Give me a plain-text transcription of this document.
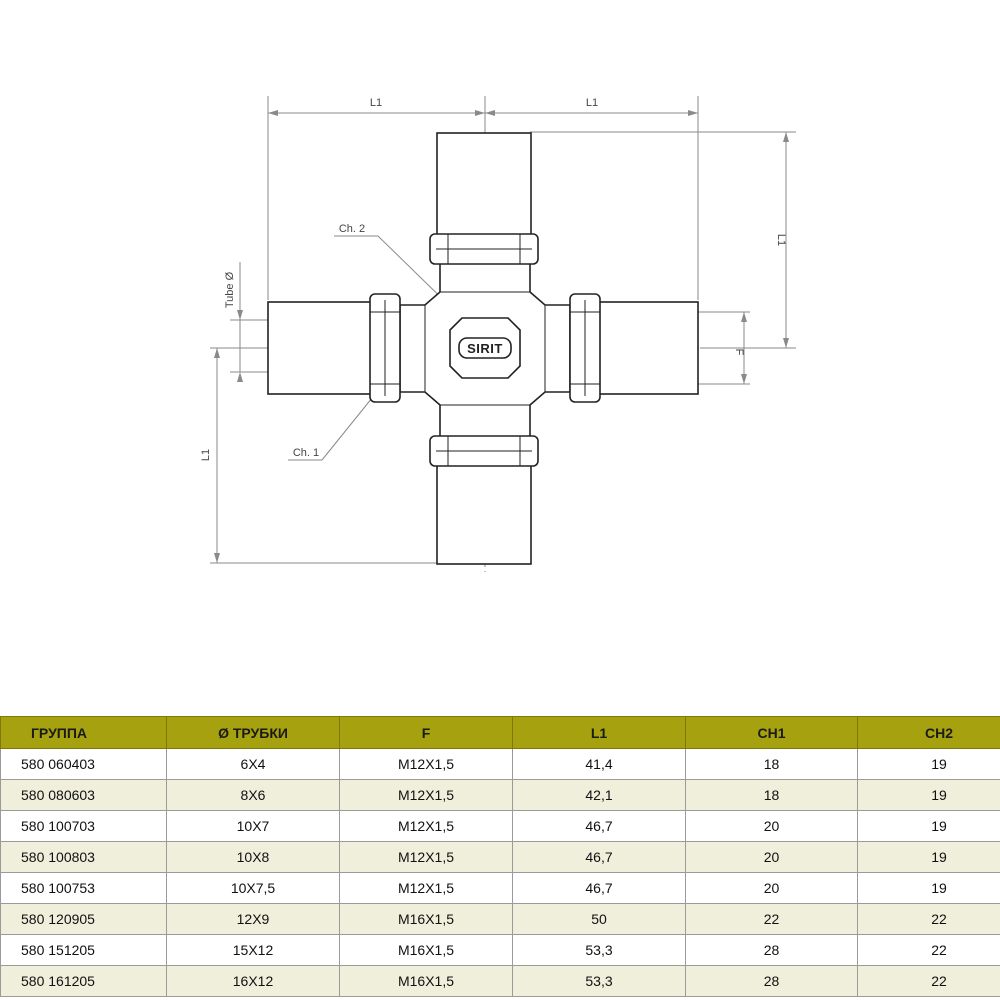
L1	L1
L1
F
Tube Ø
L1
Ch. 2
Ch. 1
SIRIT
ГРУППА	Ø ТРУБКИ	F	L1	CH1	CH2
580 060403	6X4	M12X1,5	41,4	18	19
580 080603	8X6	M12X1,5	42,1	18	19
580 100703	10X7	M12X1,5	46,7	20	19
580 100803	10X8	M12X1,5	46,7	20	19
580 100753	10X7,5	M12X1,5	46,7	20	19
580 120905	12X9	M16X1,5	50	22	22
580 151205	15X12	M16X1,5	53,3	28	22
580 161205	16X12	M16X1,5	53,3	28	22
